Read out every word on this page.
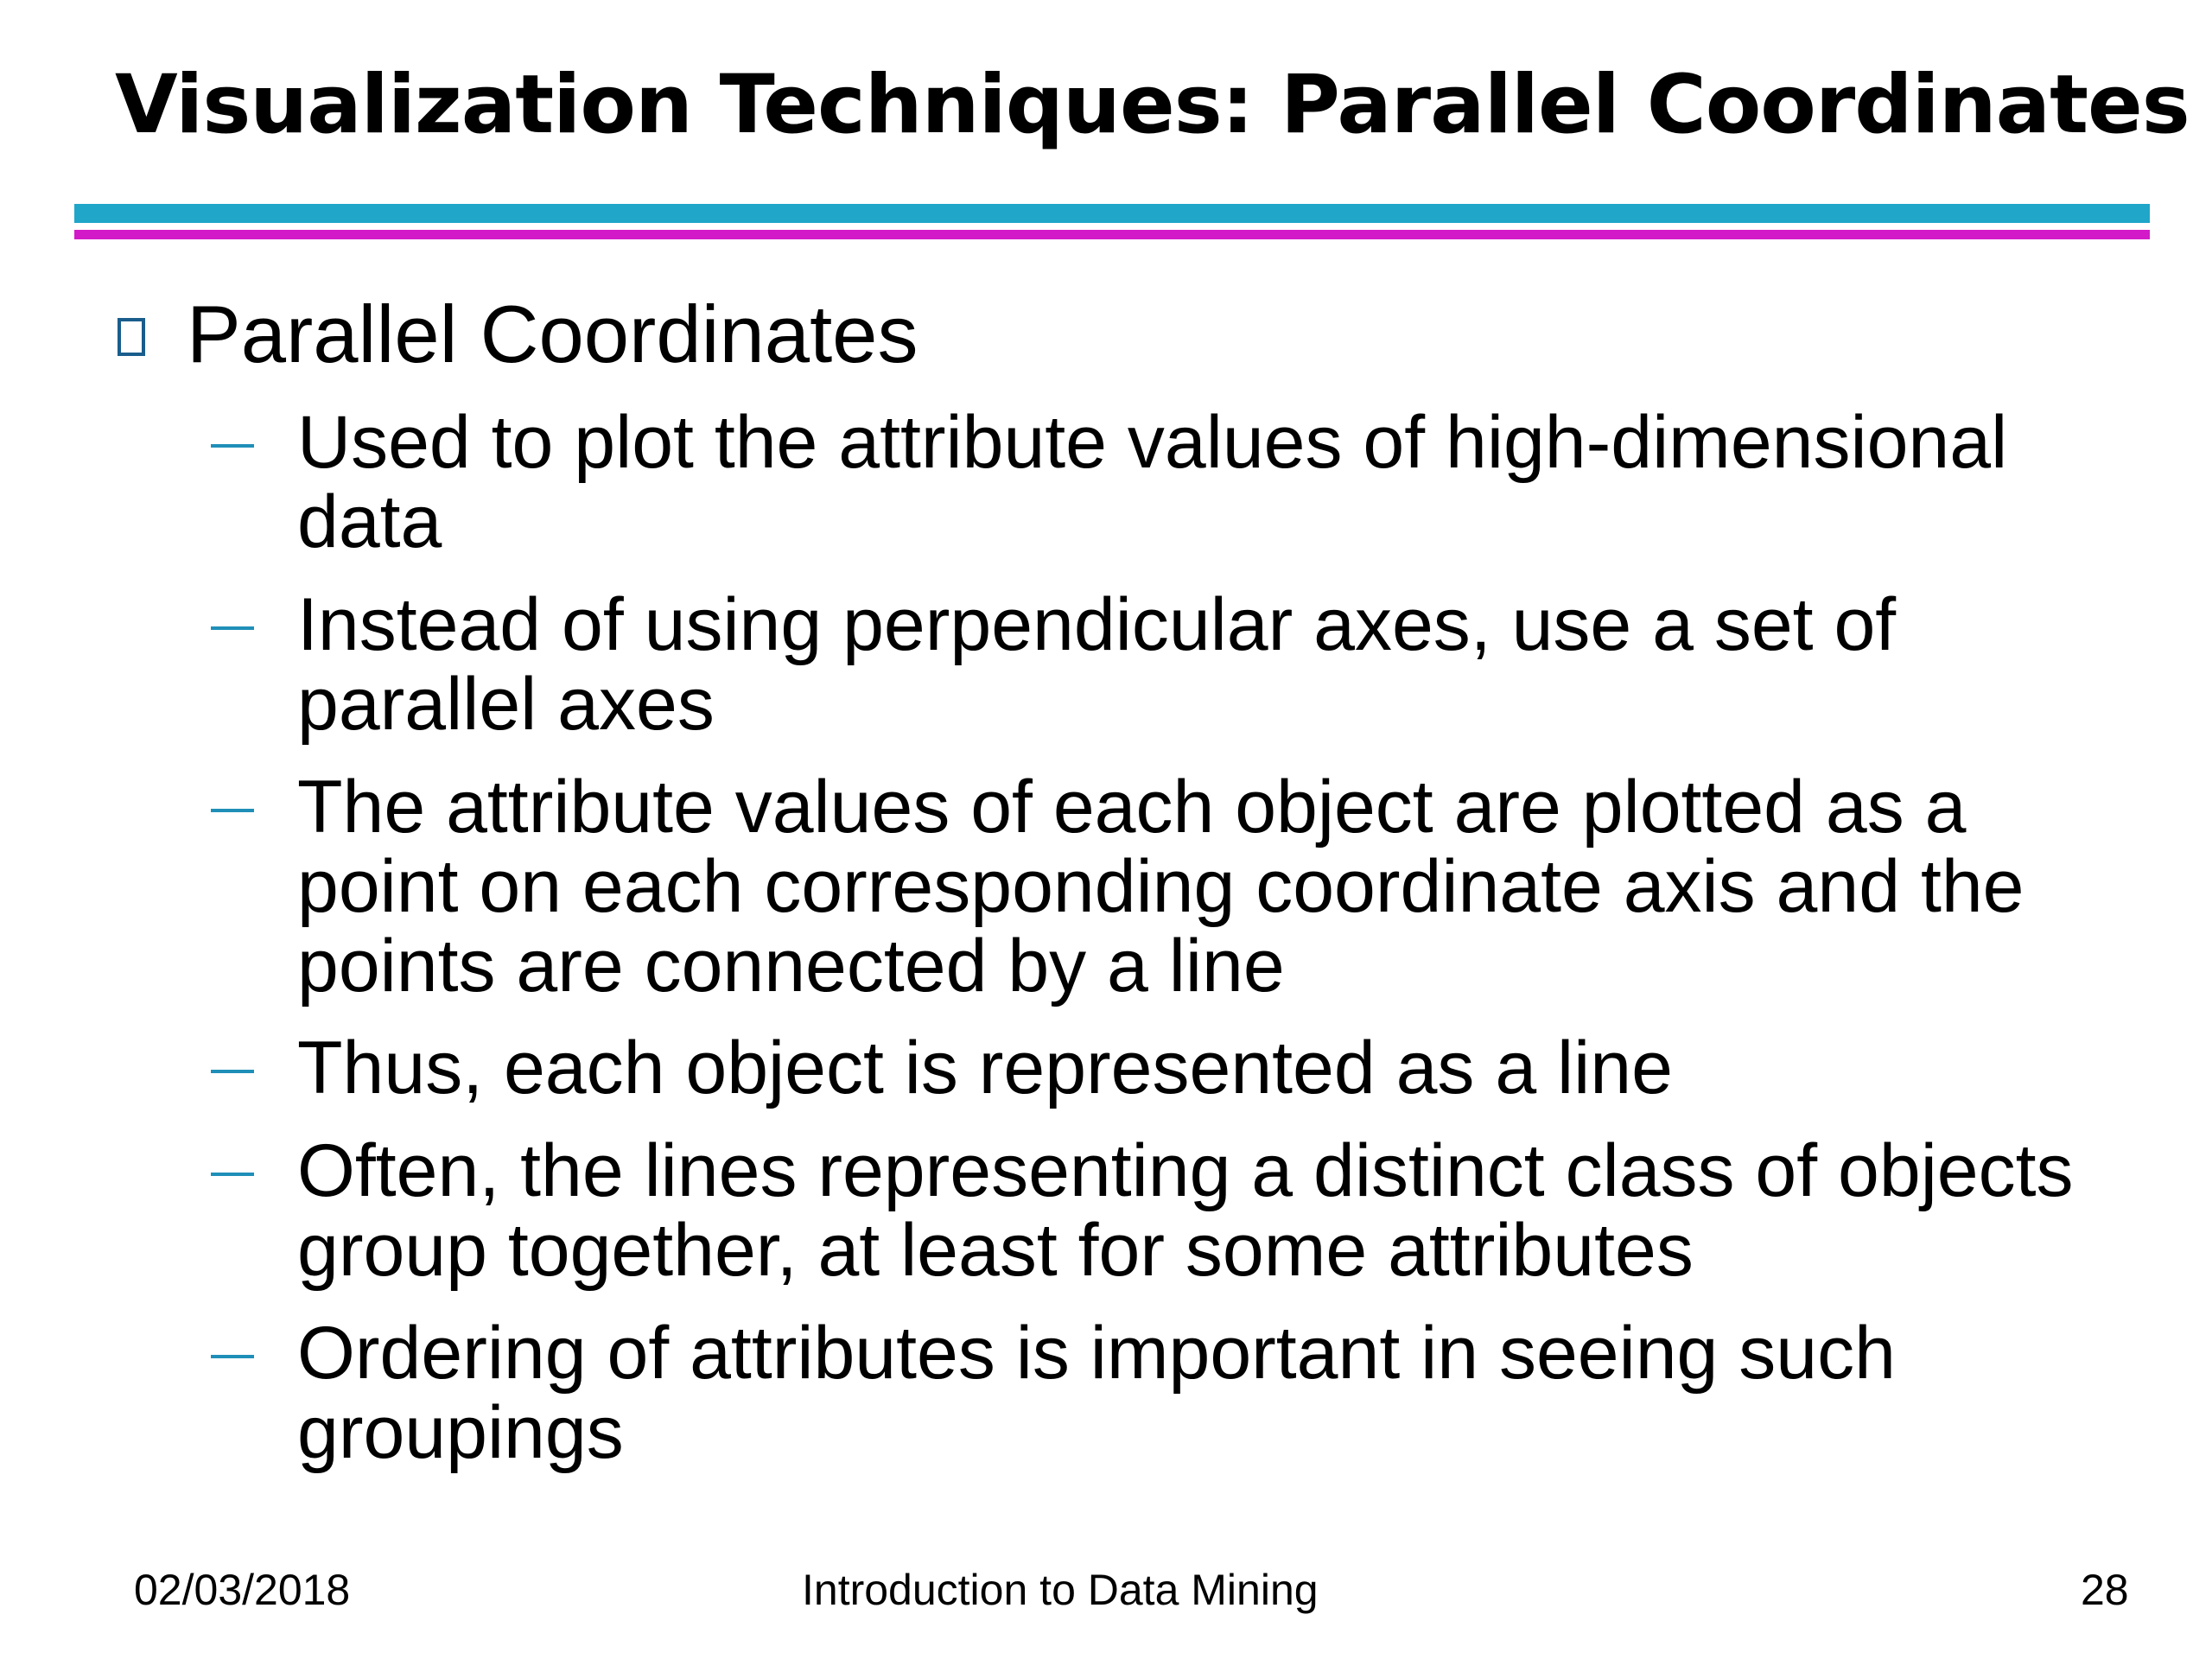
Visualization Techniques: Parallel Coordinates
Parallel Coordinates

Used to plot the attribute values of high-dimensional data

Instead of using perpendicular axes, use a set of parallel axes

The attribute values of each object are plotted as a point on each corresponding coordinate axis and the points are connected by a line

Thus, each object is represented as a line

Often, the lines representing a distinct class of objects group together, at least for some attributes

Ordering of attributes is important in seeing such groupings

02/03/2018	Introduction to Data Mining	28
